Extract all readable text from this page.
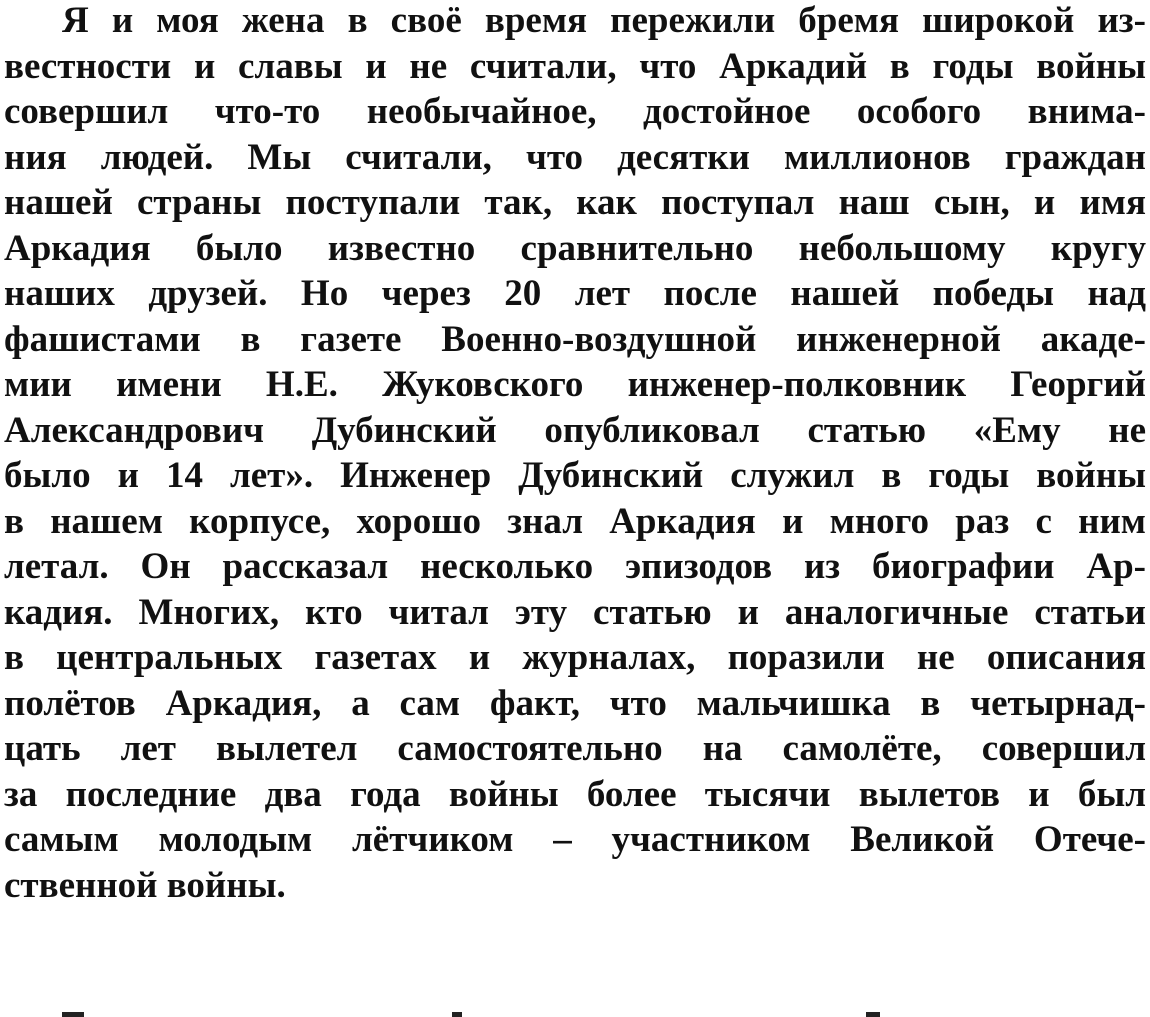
Я и моя жена в своё время пережили бремя широкой из-
вестности и славы и не считали, что Аркадий в годы войны
совершил что-то необычайное, достойное особого внима-
ния людей. Мы считали, что десятки миллионов граждан
нашей страны поступали так, как поступал наш сын, и имя
Аркадия было известно сравнительно небольшому кругу
наших друзей. Но через 20 лет после нашей победы над
фашистами в газете Военно-воздушной инженерной акаде-
мии имени Н.Е. Жуковского инженер-полковник Георгий
Александрович Дубинский опубликовал статью «Ему не
было и 14 лет». Инженер Дубинский служил в годы войны
в нашем корпусе, хорошо знал Аркадия и много раз с ним
летал. Он рассказал несколько эпизодов из биографии Ар-
кадия. Многих, кто читал эту статью и аналогичные статьи
в центральных газетах и журналах, поразили не описания
полётов Аркадия, а сам факт, что мальчишка в четырнад-
цать лет вылетел самостоятельно на самолёте, совершил
за последние два года войны более тысячи вылетов и был
самым молодым лётчиком – участником Великой Отече-
ственной войны.
